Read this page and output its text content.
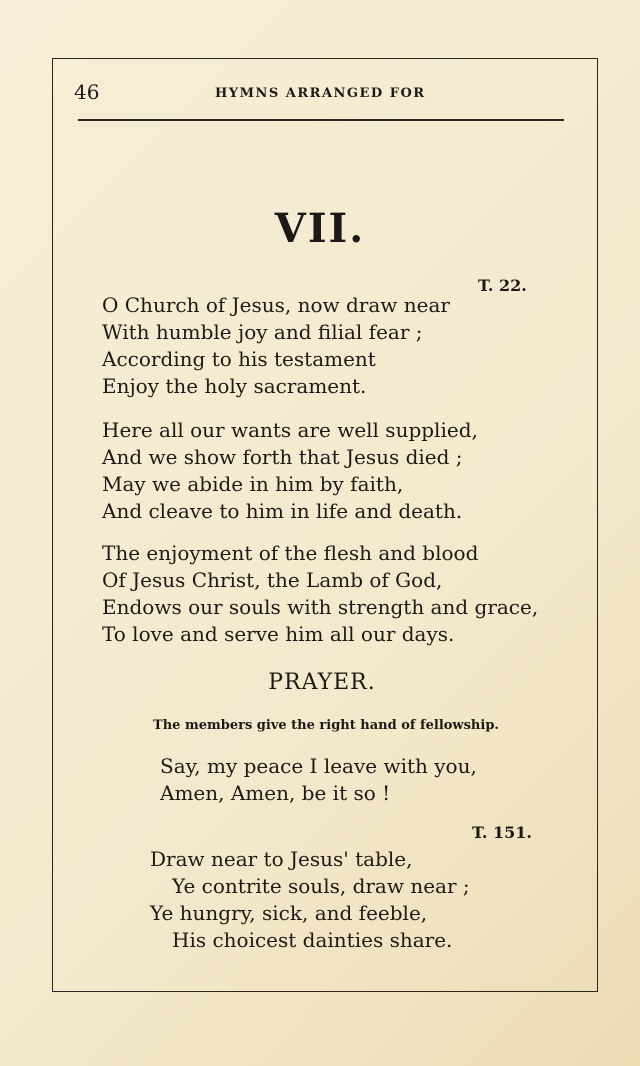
46	HYMNS ARRANGED FOR
VII.
T. 22.
O Church of Jesus, now draw near
With humble joy and filial fear ;
According to his testament
Enjoy the holy sacrament.
Here all our wants are well supplied,
And we show forth that Jesus died ;
May we abide in him by faith,
And cleave to him in life and death.
The enjoyment of the flesh and blood
Of Jesus Christ, the Lamb of God,
Endows our souls with strength and grace,
To love and serve him all our days.
PRAYER.
The members give the right hand of fellowship.
Say, my peace I leave with you,
Amen, Amen, be it so !
T. 151.
Draw near to Jesus' table,
Ye contrite souls, draw near ;
Ye hungry, sick, and feeble,
His choicest dainties share.
